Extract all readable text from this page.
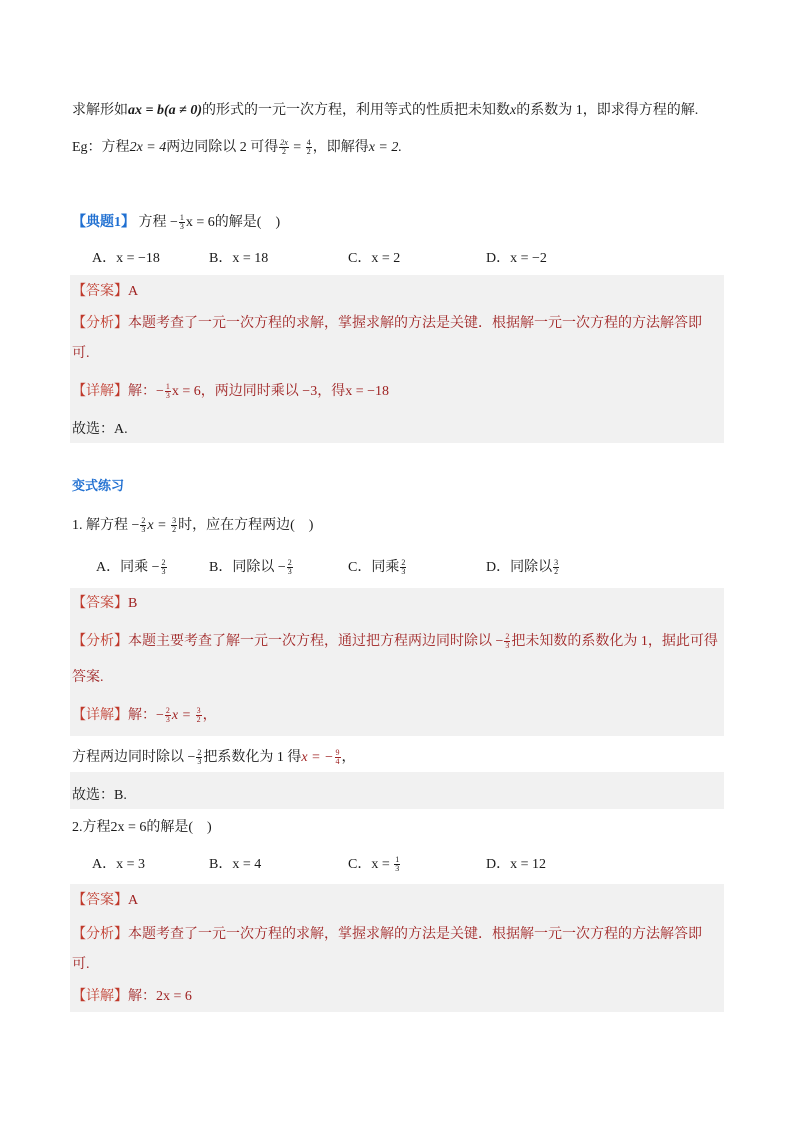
求解形如ax = b(a ≠ 0)的形式的一元一次方程，利用等式的性质把未知数x的系数为 1，即求得方程的解.
Eg：方程2x = 4两边同除以 2 可得 $\frac{2x}{2} = \frac{4}{2}$ ，即解得x = 2.
【典题1】 方程 − $\frac{1}{3}$ x = 6的解是(　)
A．x = −18	B．x = 18	C．x = 2	D．x = −2
【答案】A
【分析】本题考查了一元一次方程的求解，掌握求解的方法是关键．根据解一元一次方程的方法解答即
可.
【详解】解：− $\frac{1}{3}$ x = 6，两边同时乘以 −3，得x = −18
故选：A.
变式练习
1. 解方程 − $\frac{2}{3}$ $x = \frac{3}{2}$ 时，应在方程两边(　)
A．同乘 − $\frac{2}{3}$	B．同除以 − $\frac{2}{3}$	C．同乘 $\frac{2}{3}$	D．同除以 $\frac{3}{2}$
【答案】B
【分析】本题主要考查了解一元一次方程，通过把方程两边同时除以 − $\frac{2}{3}$ 把未知数的系数化为 1，据此可得
答案.
【详解】解：− $\frac{2}{3}$ $x = \frac{3}{2}$ ，
方程两边同时除以 − $\frac{2}{3}$ 把系数化为 1 得x = − $\frac{9}{4}$ ，
故选：B.
2.方程2x = 6的解是(　)
A．x = 3	B．x = 4	C．$x = \frac{1}{3}$	D．x = 12
【答案】A
【分析】本题考查了一元一次方程的求解，掌握求解的方法是关键．根据解一元一次方程的方法解答即
可.
【详解】解：2x = 6
